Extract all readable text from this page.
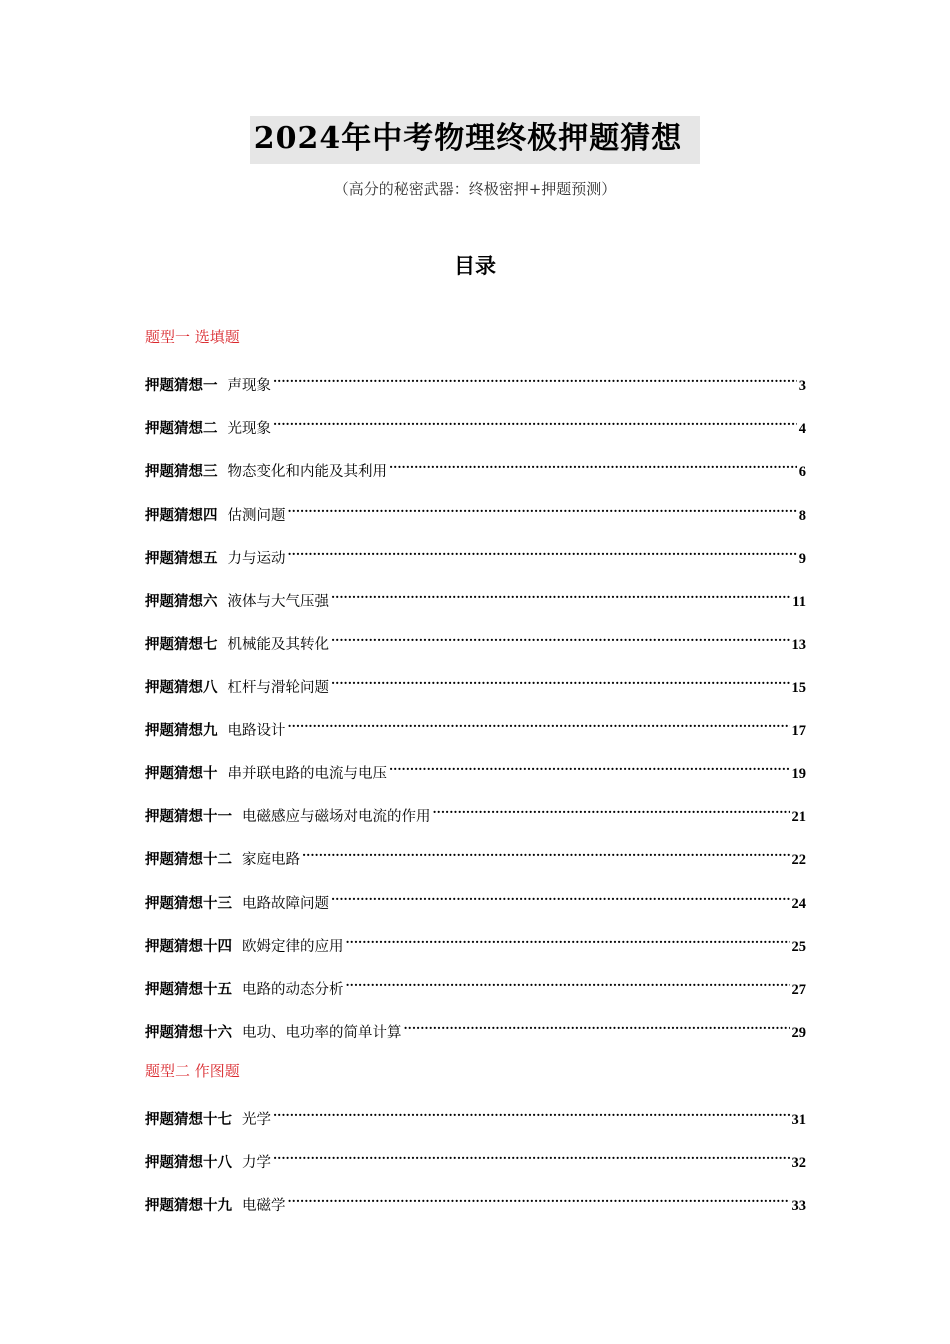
2024年中考物理终极押题猜想
（高分的秘密武器：终极密押+押题预测）
目录
题型一 选填题
押题猜想一 声现象 .....	3
押题猜想二 光现象 .....	4
押题猜想三 物态变化和内能及其利用 .....	6
押题猜想四 估测问题 .....	8
押题猜想五 力与运动 .....	9
押题猜想六 液体与大气压强 .....	11
押题猜想七 机械能及其转化 .....	13
押题猜想八 杠杆与滑轮问题 .....	15
押题猜想九 电路设计 .....	17
押题猜想十 串并联电路的电流与电压 .....	19
押题猜想十一 电磁感应与磁场对电流的作用 .....	21
押题猜想十二 家庭电路 .....	22
押题猜想十三 电路故障问题 .....	24
押题猜想十四 欧姆定律的应用 .....	25
押题猜想十五 电路的动态分析 .....	27
押题猜想十六 电功、电功率的简单计算 .....	29
题型二 作图题
押题猜想十七 光学 .....	31
押题猜想十八 力学 .....	32
押题猜想十九 电磁学 .....	33
